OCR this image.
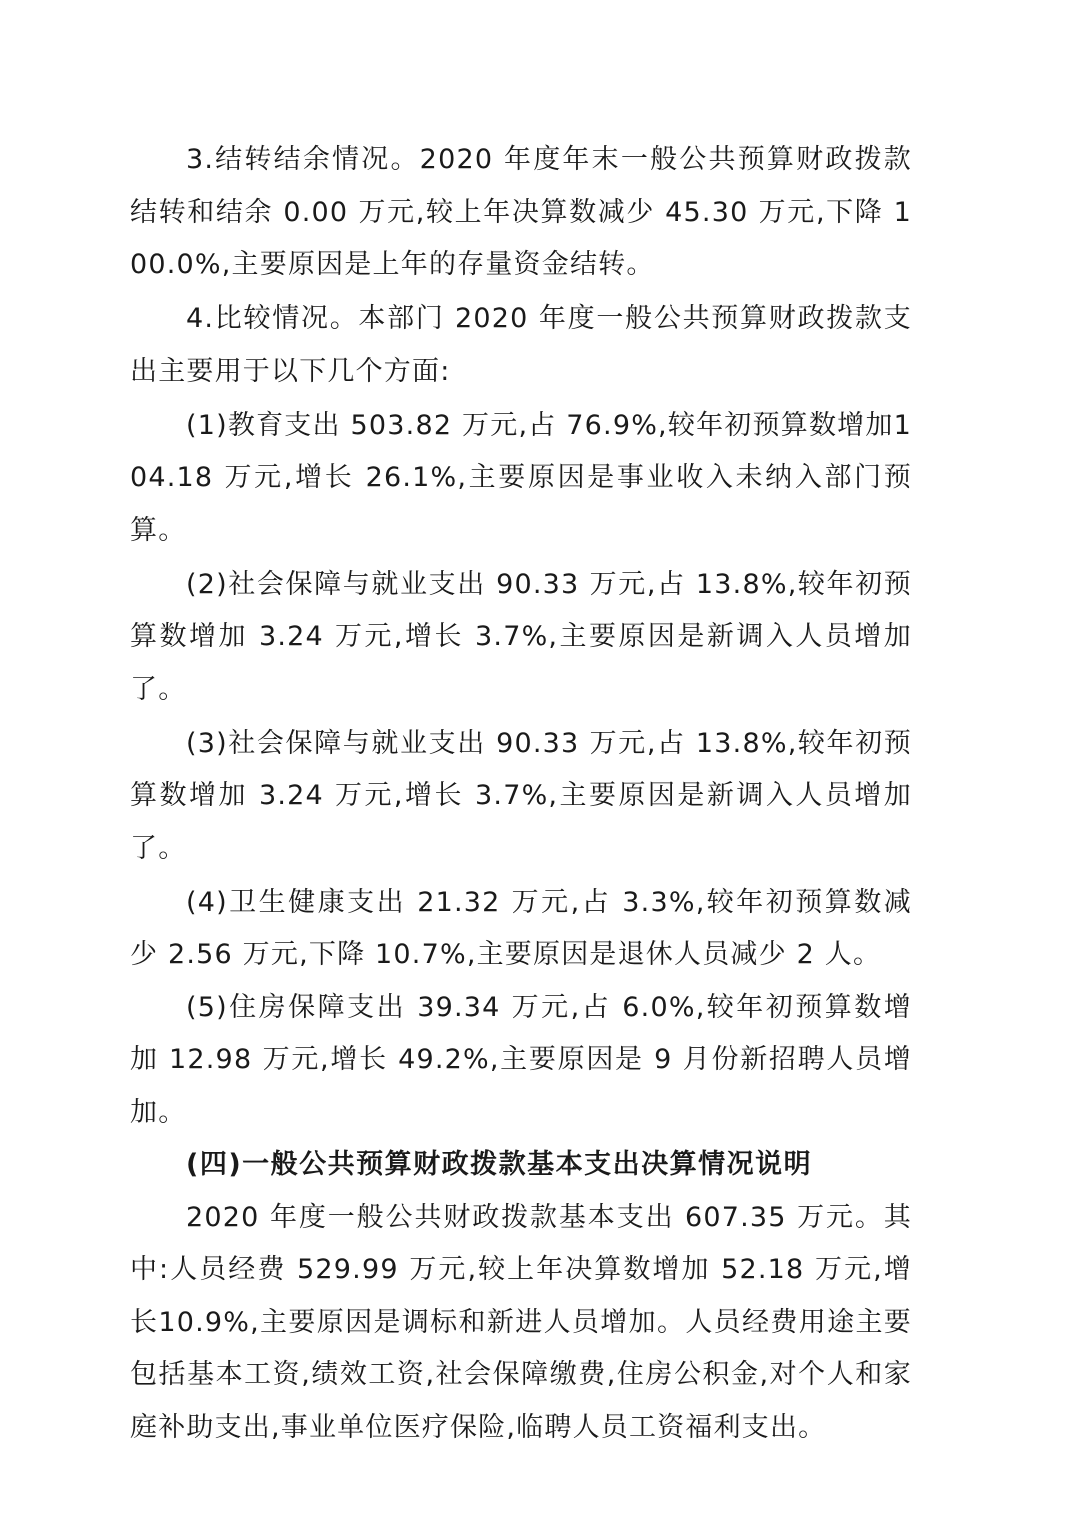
3.结转结余情况。2020 年度年末一般公共预算财政拨款结转和结余 0.00 万元,较上年决算数减少 45.30 万元,下降 100.0%,主要原因是上年的存量资金结转。

4.比较情况。本部门 2020 年度一般公共预算财政拨款支出主要用于以下几个方面:

(1)教育支出 503.82 万元,占 76.9%,较年初预算数增加104.18 万元,增长 26.1%,主要原因是事业收入未纳入部门预算。

(2)社会保障与就业支出 90.33 万元,占 13.8%,较年初预算数增加 3.24 万元,增长 3.7%,主要原因是新调入人员增加了。

(3)社会保障与就业支出 90.33 万元,占 13.8%,较年初预算数增加 3.24 万元,增长 3.7%,主要原因是新调入人员增加了。

(4)卫生健康支出 21.32 万元,占 3.3%,较年初预算数减少 2.56 万元,下降 10.7%,主要原因是退休人员减少 2 人。

(5)住房保障支出 39.34 万元,占 6.0%,较年初预算数增加 12.98 万元,增长 49.2%,主要原因是 9 月份新招聘人员增加。

(四)一般公共预算财政拨款基本支出决算情况说明

2020 年度一般公共财政拨款基本支出 607.35 万元。其中:人员经费 529.99 万元,较上年决算数增加 52.18 万元,增长10.9%,主要原因是调标和新进人员增加。人员经费用途主要包括基本工资,绩效工资,社会保障缴费,住房公积金,对个人和家庭补助支出,事业单位医疗保险,临聘人员工资福利支出。
